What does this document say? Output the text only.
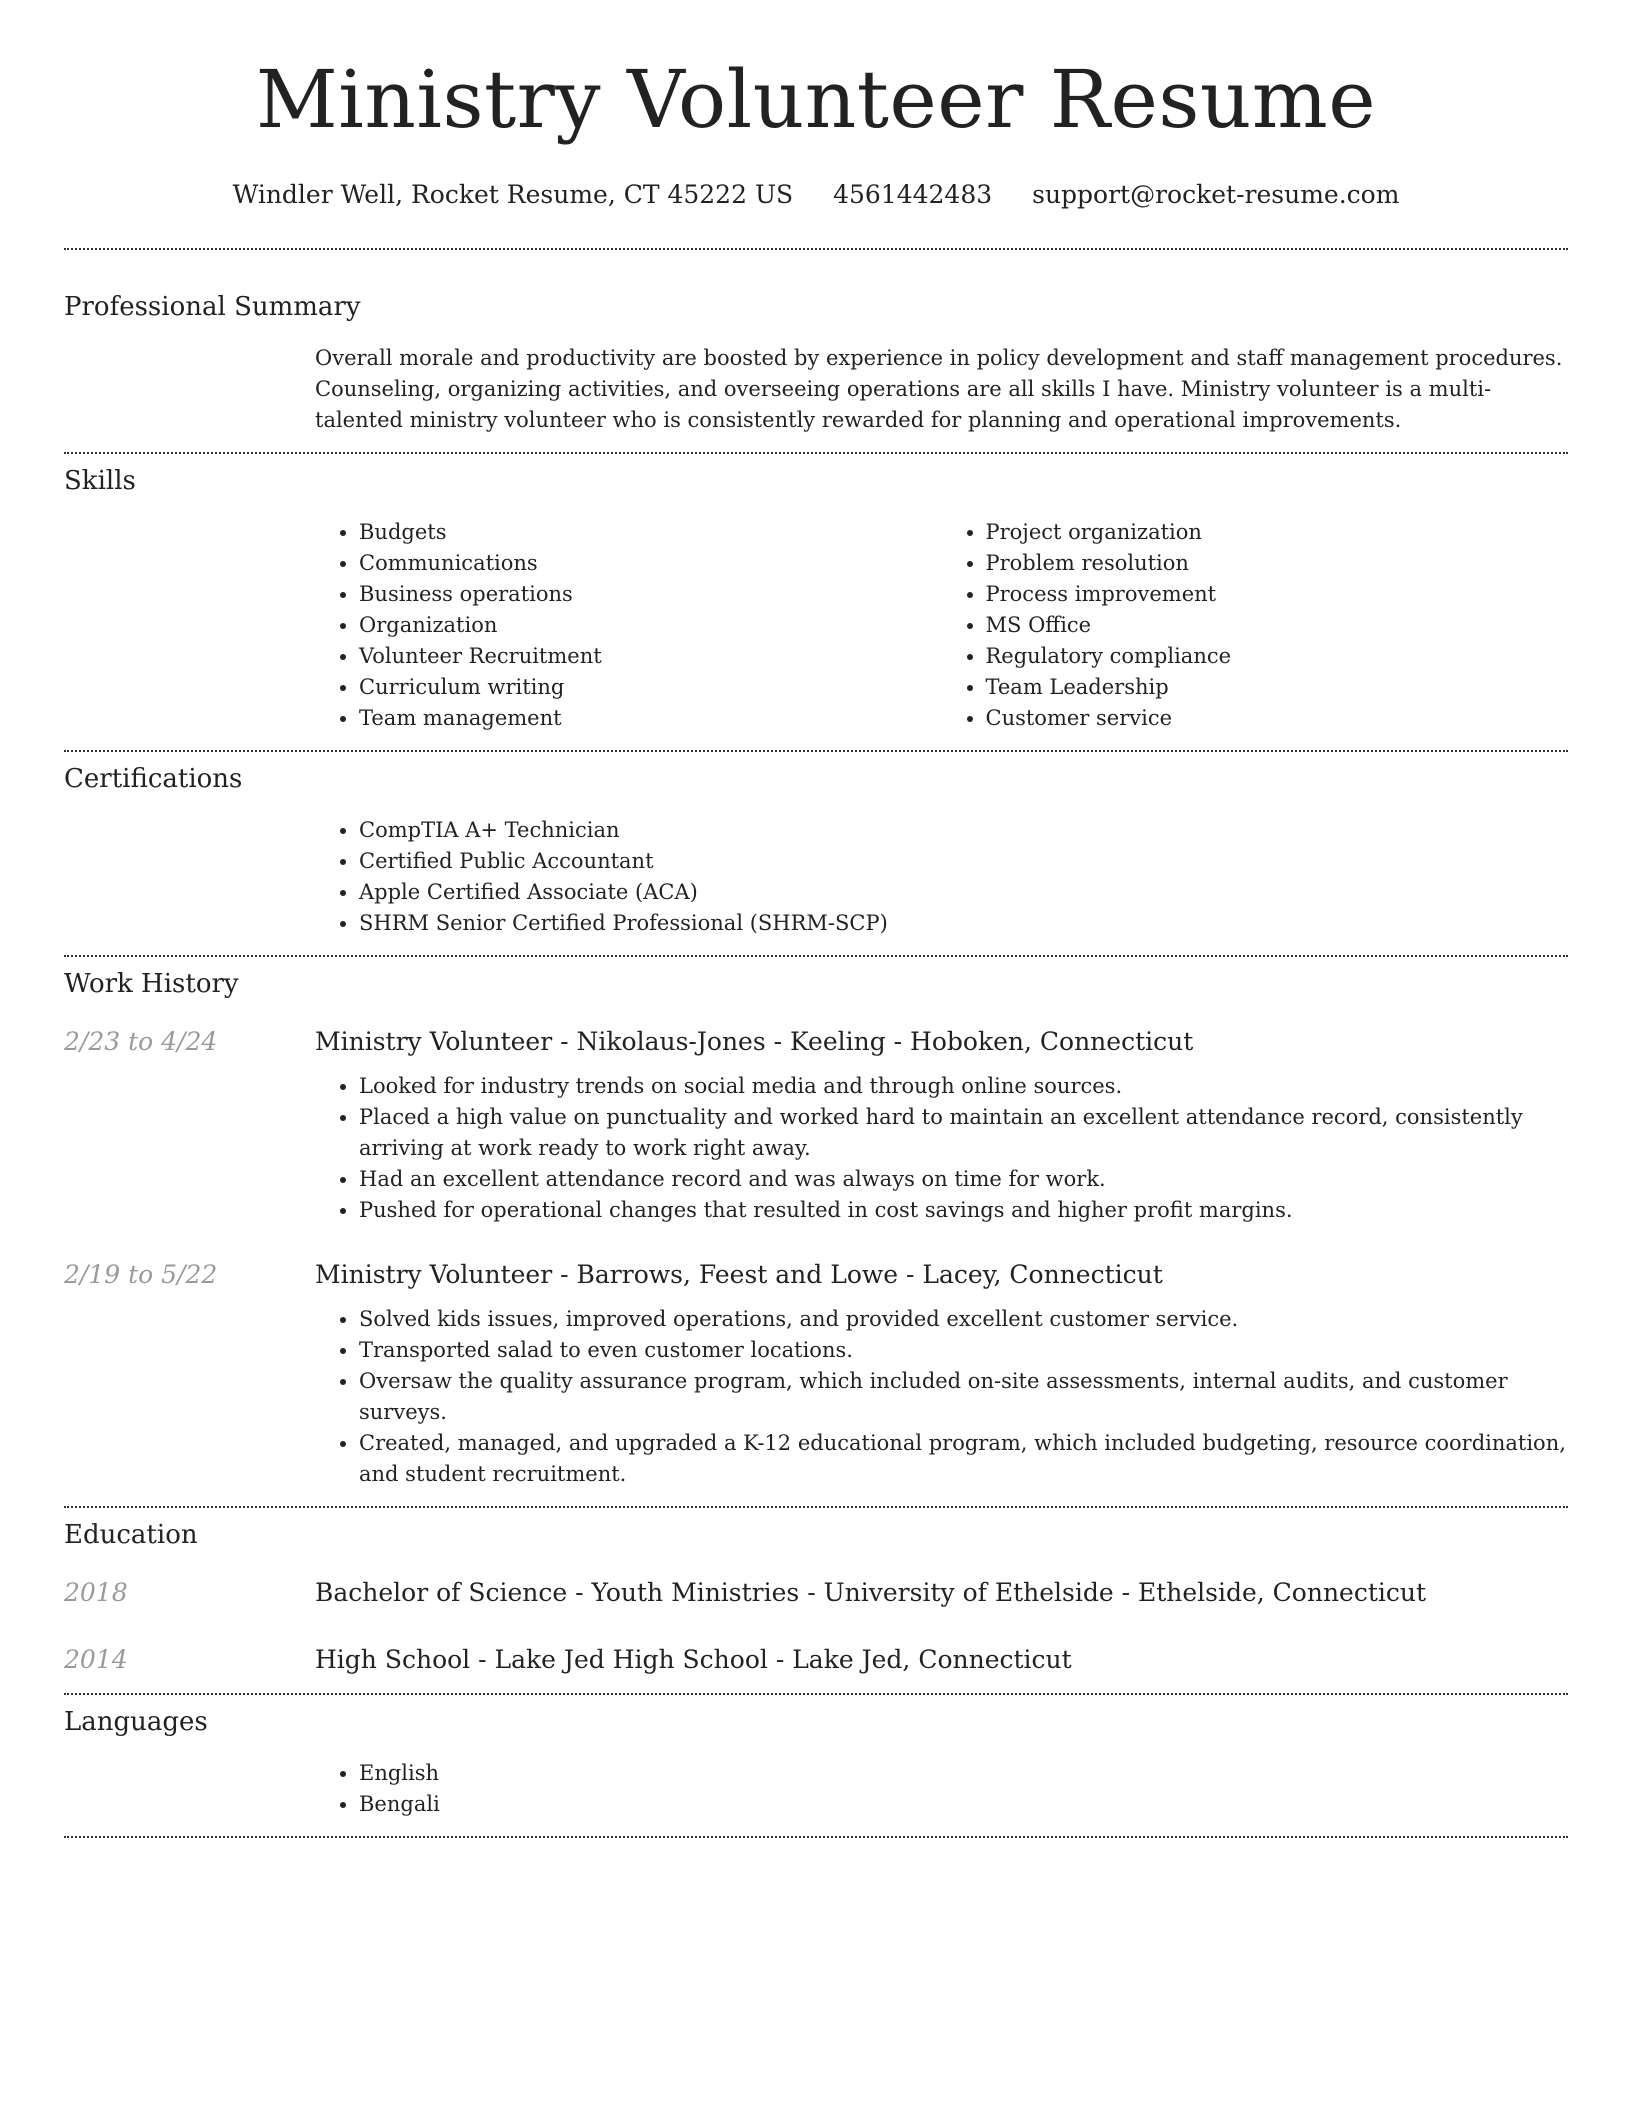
Ministry Volunteer Resume
Windler Well, Rocket Resume, CT 45222 US 4561442483 support@rocket-resume.com
Professional Summary
Overall morale and productivity are boosted by experience in policy development and staff management procedures. Counseling, organizing activities, and overseeing operations are all skills I have. Ministry volunteer is a multi-talented ministry volunteer who is consistently rewarded for planning and operational improvements.
Skills
• Budgets
• Communications
• Business operations
• Organization
• Volunteer Recruitment
• Curriculum writing
• Team management
• Project organization
• Problem resolution
• Process improvement
• MS Office
• Regulatory compliance
• Team Leadership
• Customer service
Certifications
• CompTIA A+ Technician
• Certified Public Accountant
• Apple Certified Associate (ACA)
• SHRM Senior Certified Professional (SHRM-SCP)
Work History
2/23 to 4/24	Ministry Volunteer - Nikolaus-Jones - Keeling - Hoboken, Connecticut
• Looked for industry trends on social media and through online sources.
• Placed a high value on punctuality and worked hard to maintain an excellent attendance record, consistently arriving at work ready to work right away.
• Had an excellent attendance record and was always on time for work.
• Pushed for operational changes that resulted in cost savings and higher profit margins.
2/19 to 5/22	Ministry Volunteer - Barrows, Feest and Lowe - Lacey, Connecticut
• Solved kids issues, improved operations, and provided excellent customer service.
• Transported salad to even customer locations.
• Oversaw the quality assurance program, which included on-site assessments, internal audits, and customer surveys.
• Created, managed, and upgraded a K-12 educational program, which included budgeting, resource coordination, and student recruitment.
Education
2018	Bachelor of Science - Youth Ministries - University of Ethelside - Ethelside, Connecticut
2014	High School - Lake Jed High School - Lake Jed, Connecticut
Languages
• English
• Bengali
